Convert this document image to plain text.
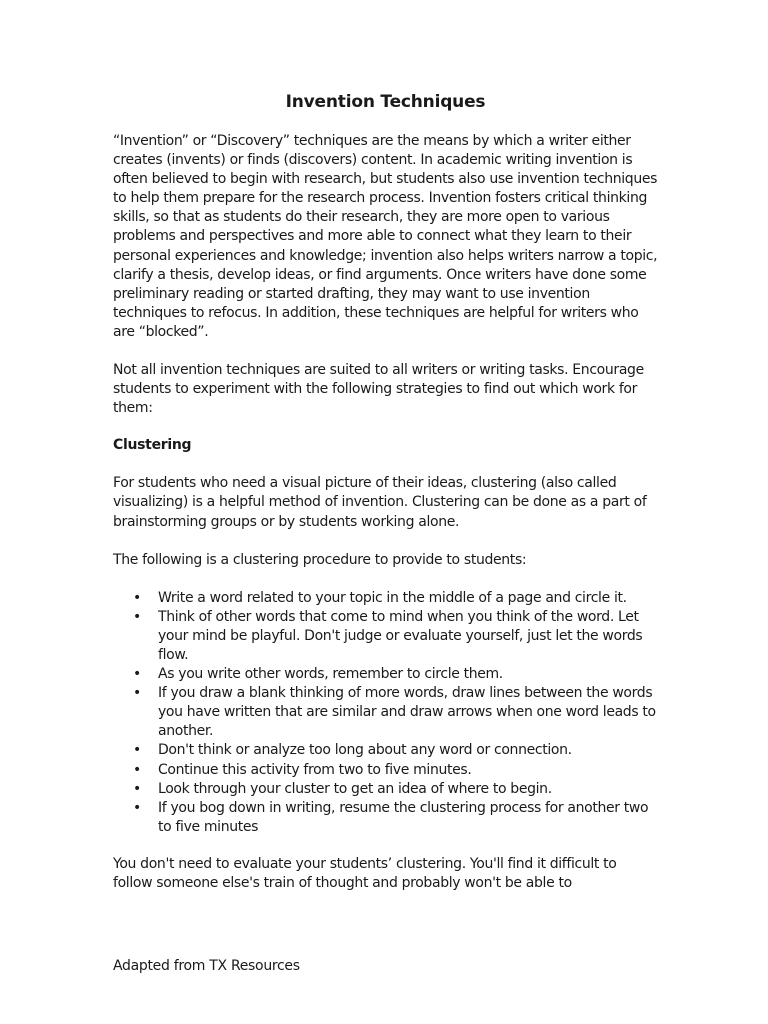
Invention Techniques

“Invention” or “Discovery” techniques are the means by which a writer either creates (invents) or finds (discovers) content. In academic writing invention is often believed to begin with research, but students also use invention techniques to help them prepare for the research process. Invention fosters critical thinking skills, so that as students do their research, they are more open to various problems and perspectives and more able to connect what they learn to their personal experiences and knowledge; invention also helps writers narrow a topic, clarify a thesis, develop ideas, or find arguments. Once writers have done some preliminary reading or started drafting, they may want to use invention techniques to refocus. In addition, these techniques are helpful for writers who are “blocked”.

Not all invention techniques are suited to all writers or writing tasks. Encourage students to experiment with the following strategies to find out which work for them:

Clustering

For students who need a visual picture of their ideas, clustering (also called visualizing) is a helpful method of invention. Clustering can be done as a part of brainstorming groups or by students working alone.

The following is a clustering procedure to provide to students:

• Write a word related to your topic in the middle of a page and circle it.
• Think of other words that come to mind when you think of the word. Let your mind be playful. Don't judge or evaluate yourself, just let the words flow.
• As you write other words, remember to circle them.
• If you draw a blank thinking of more words, draw lines between the words you have written that are similar and draw arrows when one word leads to another.
• Don't think or analyze too long about any word or connection.
• Continue this activity from two to five minutes.
• Look through your cluster to get an idea of where to begin.
• If you bog down in writing, resume the clustering process for another two to five minutes

You don't need to evaluate your students’ clustering. You'll find it difficult to follow someone else's train of thought and probably won't be able to

Adapted from TX Resources
